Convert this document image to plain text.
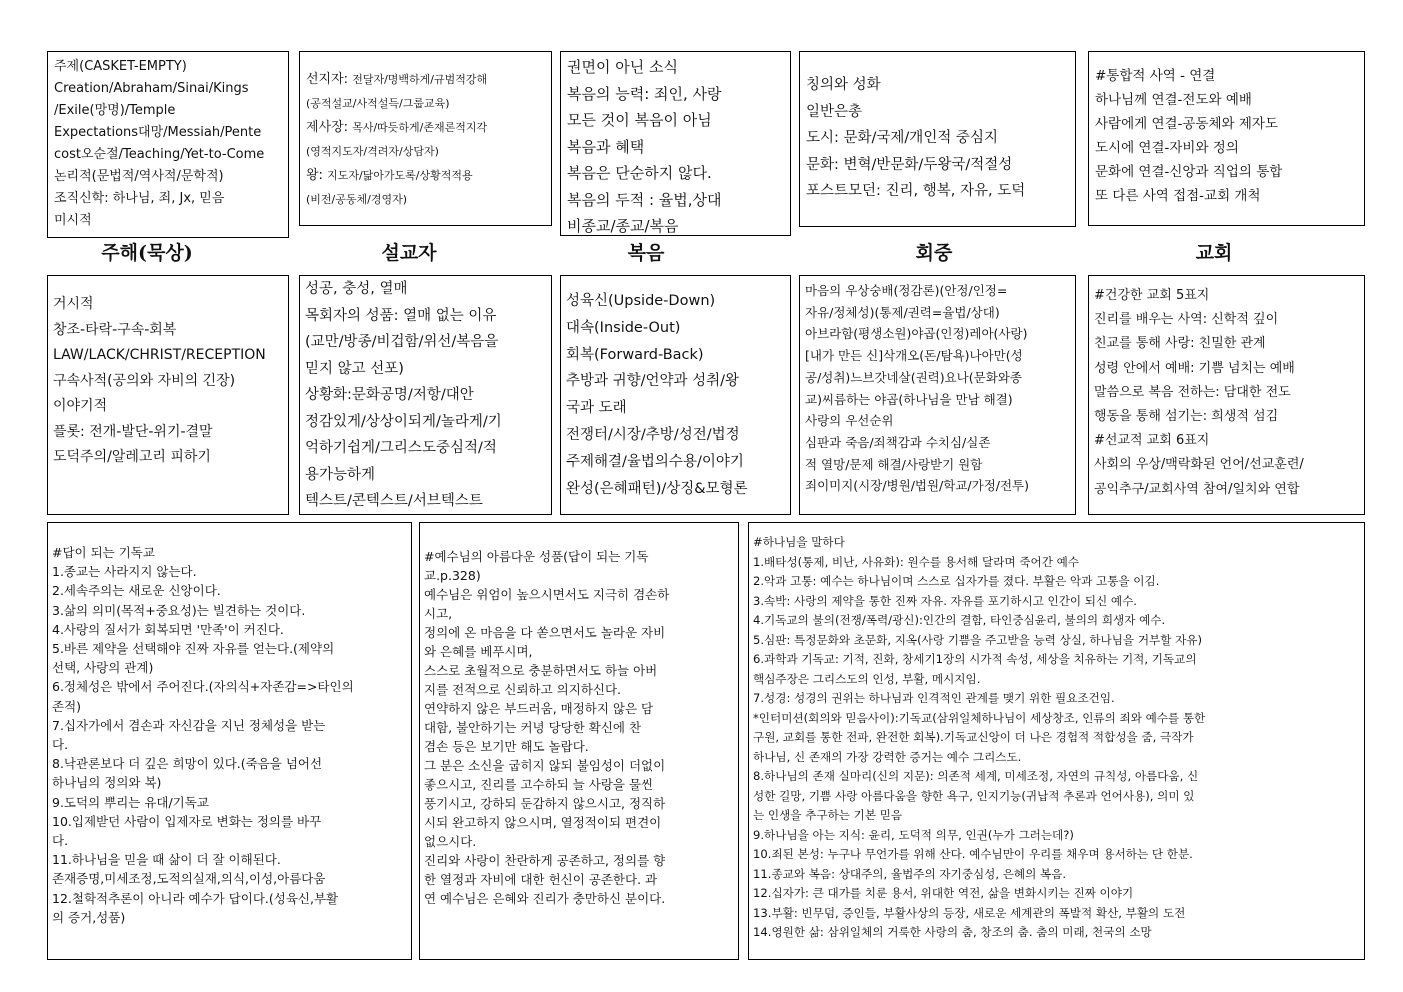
주제(CASKET-EMPTY)
Creation/Abraham/Sinai/Kings
/Exile(망명)/Temple
Expectations대망/Messiah/Pente
cost오순절/Teaching/Yet-to-Come
논리적(문법적/역사적/문학적)
조직신학: 하나님, 죄, Jx, 믿음
미시적
선지자: 전달자/명백하게/규범적강해
(공적설교/사적설득/그룹교육)
제사장: 목사/따듯하게/존재론적지각
(영적지도자/격려자/상담자)
왕: 지도자/닮아가도록/상황적적용
(비전/공동체/경영자)
권면이 아닌 소식
복음의 능력: 죄인, 사랑
모든 것이 복음이 아님
복음과 혜택
복음은 단순하지 않다.
복음의 두적 : 율법,상대
비종교/종교/복음
칭의와 성화
일반은총
도시: 문화/국제/개인적 중심지
문화: 변혁/반문화/두왕국/적절성
포스트모던: 진리, 행복, 자유, 도덕
#통합적 사역 - 연결
하나님께 연결-전도와 예배
사람에게 연결-공동체와 제자도
도시에 연결-자비와 정의
문화에 연결-신앙과 직업의 통합
또 다른 사역 접점-교회 개척
주해(묵상)	설교자	복음	회중	교회
거시적
창조-타락-구속-회복
LAW/LACK/CHRIST/RECEPTION
구속사적(공의와 자비의 긴장)
이야기적
플롯: 전개-발단-위기-결말
도덕주의/알레고리 피하기
성공, 충성, 열매
목회자의 성품: 열매 없는 이유
(교만/방종/비겁함/위선/복음을
믿지 않고 선포)
상황화:문화공명/저항/대안
정감있게/상상이되게/놀라게/기
억하기쉽게/그리스도중심적/적
용가능하게
텍스트/콘텍스트/서브텍스트
성육신(Upside-Down)
대속(Inside-Out)
회복(Forward-Back)
추방과 귀향/언약과 성취/왕
국과 도래
전쟁터/시장/추방/성전/법정
주제해결/율법의수용/이야기
완성(은혜패턴)/상징&모형론
마음의 우상숭배(정감론)(안정/인정=
자유/정체성)(통제/권력=율법/상대)
아브라함(평생소원)야곱(인정)레아(사랑)
[내가 만든 신]삭개오(돈/탐욕)나아만(성
공/성취)느브갓네살(권력)요나(문화와종
교)씨름하는 야곱(하나님을 만남 해결)
사랑의 우선순위
심판과 죽음/죄책감과 수치심/실존
적 열망/문제 해결/사랑받기 원함
죄이미지(시장/병원/법원/학교/가정/전투)
#건강한 교회 5표지
진리를 배우는 사역: 신학적 깊이
친교를 통해 사랑: 친밀한 관계
성령 안에서 예배: 기쁨 넘치는 예배
말씀으로 복음 전하는: 담대한 전도
행동을 통해 섬기는: 희생적 섬김
#선교적 교회 6표지
사회의 우상/맥락화된 언어/선교훈련/
공익추구/교회사역 참여/일치와 연합
#답이 되는 기독교
1.종교는 사라지지 않는다.
2.세속주의는 새로운 신앙이다.
3.삶의 의미(목적+중요성)는 빌견하는 것이다.
4.사랑의 질서가 회복되면 '만족'이 커진다.
5.바른 제약을 선택해야 진짜 자유를 얻는다.(제약의
선택, 사랑의 관계)
6.정체성은 밖에서 주어진다.(자의식+자존감=>타인의
존적)
7.십자가에서 겸손과 자신감을 지닌 정체성을 받는
다.
8.낙관론보다 더 깊은 희망이 있다.(죽음을 넘어선
하나님의 정의와 복)
9.도덕의 뿌리는 유대/기독교
10.입제받던 사람이 입제자로 변화는 정의를 바꾸
다.
11.하나님을 믿을 때 삶이 더 잘 이해된다.
존재증명,미세조정,도적의실재,의식,이성,아름다움
12.철학적추론이 아니라 예수가 답이다.(성육신,부활
의 증거,성품)
#예수님의 아름다운 성품(답이 되는 기독
교.p.328)
예수님은 위엄이 높으시면서도 지극히 겸손하
시고,
정의에 온 마음을 다 쏟으면서도 놀라운 자비
와 은혜를 베푸시며,
스스로 초월적으로 충분하면서도 하늘 아버
지를 전적으로 신뢰하고 의지하신다.
연약하지 않은 부드러움, 매정하지 않은 담
대함, 불안하기는 커녕 당당한 확신에 찬
겸손 등은 보기만 해도 놀랍다.
그 분은 소신을 굽히지 않되 불임성이 더없이
좋으시고, 진리를 고수하되 늘 사랑을 물씬
풍기시고, 강하되 둔감하지 않으시고, 정직하
시되 완고하지 않으시며, 열정적이되 편견이
없으시다.
진리와 사랑이 찬란하게 공존하고, 정의를 향
한 열정과 자비에 대한 헌신이 공존한다. 과
연 예수님은 은혜와 진리가 충만하신 분이다.
#하나님을 말하다
1.배타성(통제, 비난, 사유화): 원수를 용서해 달라며 죽어간 예수
2.악과 고통: 예수는 하나님이며 스스로 십자가를 졌다. 부활은 악과 고통을 이김.
3.속박: 사랑의 제약을 통한 진짜 자유. 자유를 포기하시고 인간이 되신 예수.
4.기독교의 불의(전쟁/폭력/광신):인간의 결함, 타인중심윤리, 불의의 희생자 예수.
5.심판: 특정문화와 초문화, 지옥(사랑 기쁨을 주고받을 능력 상실, 하나님을 거부할 자유)
6.과학과 기독교: 기적, 진화, 창세기1장의 시가적 속성, 세상을 치유하는 기적, 기독교의
핵심주장은 그리스도의 인성, 부활, 메시지임.
7.성경: 성경의 권위는 하나님과 인격적인 관계를 맺기 위한 필요조건임.
*인터미션(회의와 믿음사이):기독교(삼위일체하나님이 세상창조, 인류의 죄와 예수를 통한
구원, 교회를 통한 전파, 완전한 회복).기독교신앙이 더 나은 경험적 적합성을 줌, 극작가
하나님, 신 존재의 가장 강력한 증거는 예수 그리스도.
8.하나님의 존재 실마리(신의 지문): 의존적 세계, 미세조정, 자연의 규칙성, 아름다움, 신
성한 길망, 기쁨 사랑 아름다움을 향한 욕구, 인지기능(귀납적 추론과 언어사용), 의미 있
는 인생을 추구하는 기본 믿음
9.하나님을 아는 지식: 윤리, 도덕적 의무, 인권(누가 그러는데?)
10.죄된 본성: 누구나 무언가를 위해 산다. 예수님만이 우리를 채우며 용서하는 단 한분.
11.종교와 복음: 상대주의, 율법주의 자기중심성, 은혜의 복음.
12.십자가: 큰 대가를 치룬 용서, 위대한 역전, 삶을 변화시키는 진짜 이야기
13.부활: 빈무덤, 증인들, 부활사상의 등장, 새로운 세계관의 폭발적 확산, 부활의 도전
14.영원한 삶: 삼위일체의 거룩한 사랑의 춤, 창조의 춤. 춤의 미래, 천국의 소망
